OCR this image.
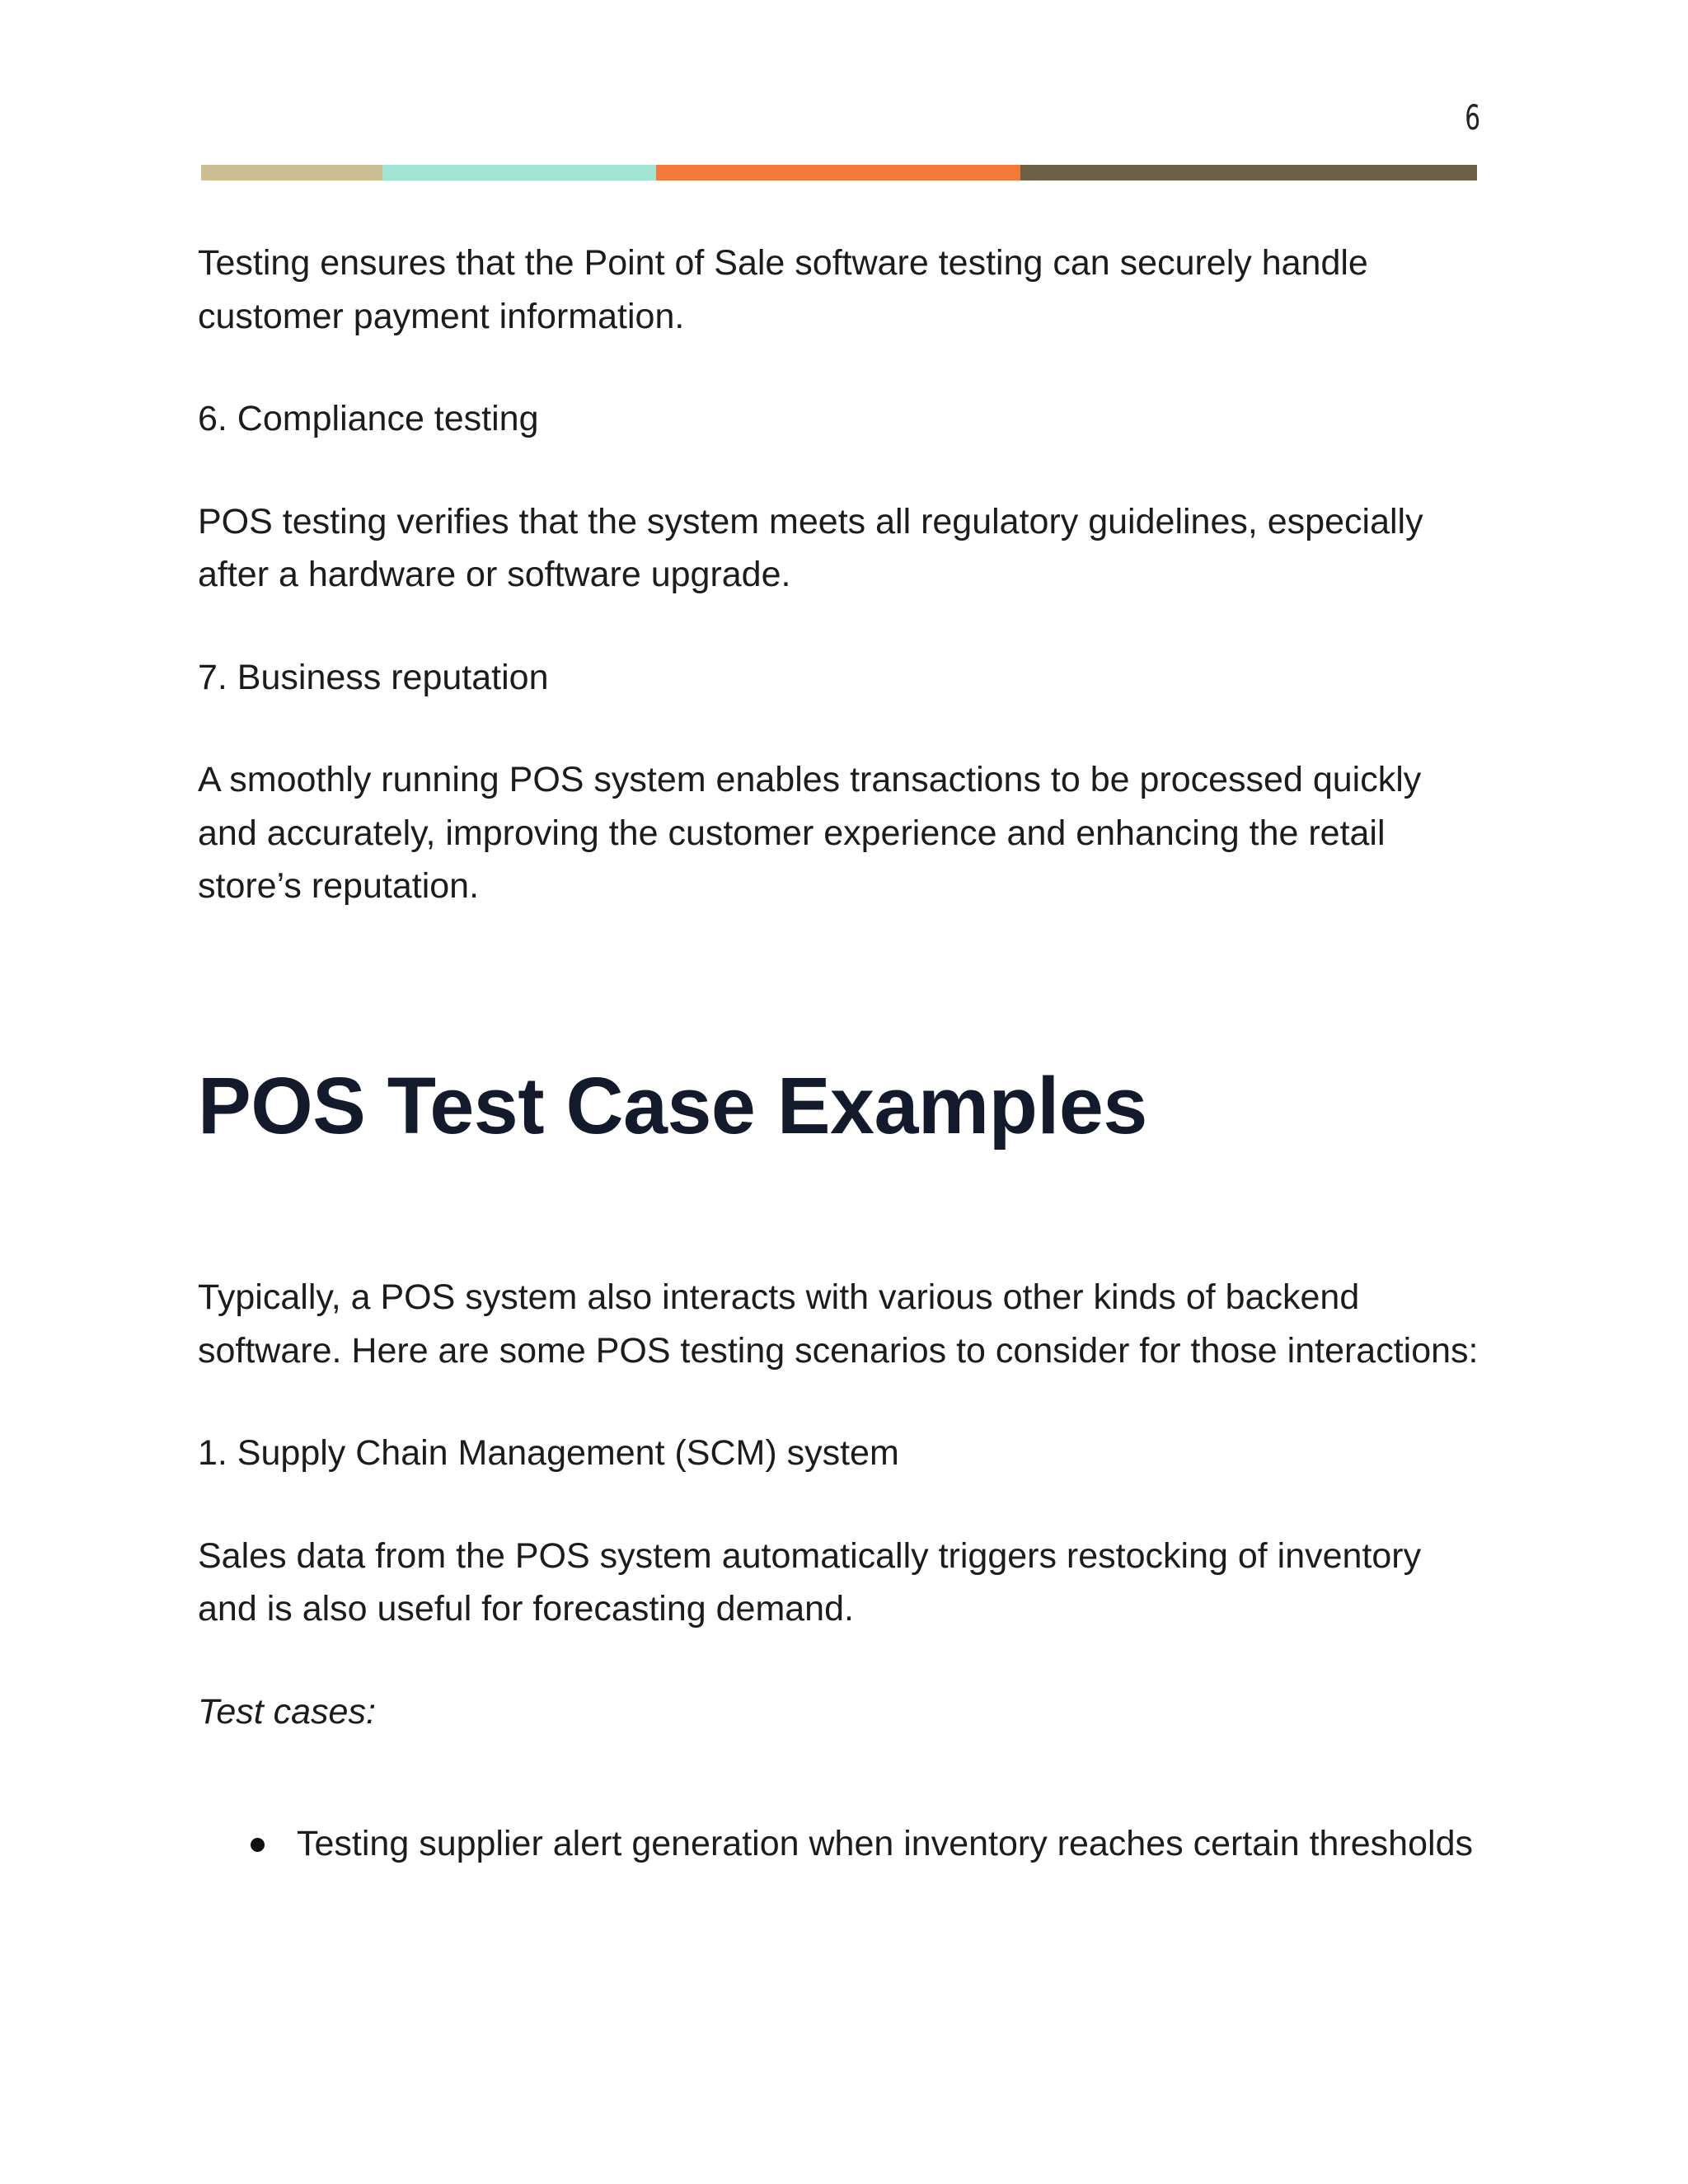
6

Testing ensures that the Point of Sale software testing can securely handle customer payment information.

6. Compliance testing

POS testing verifies that the system meets all regulatory guidelines, especially after a hardware or software upgrade.

7. Business reputation

A smoothly running POS system enables transactions to be processed quickly and accurately, improving the customer experience and enhancing the retail store’s reputation.

POS Test Case Examples

Typically, a POS system also interacts with various other kinds of backend software. Here are some POS testing scenarios to consider for those interactions:

1. Supply Chain Management (SCM) system

Sales data from the POS system automatically triggers restocking of inventory and is also useful for forecasting demand.

Test cases:

Testing supplier alert generation when inventory reaches certain thresholds
